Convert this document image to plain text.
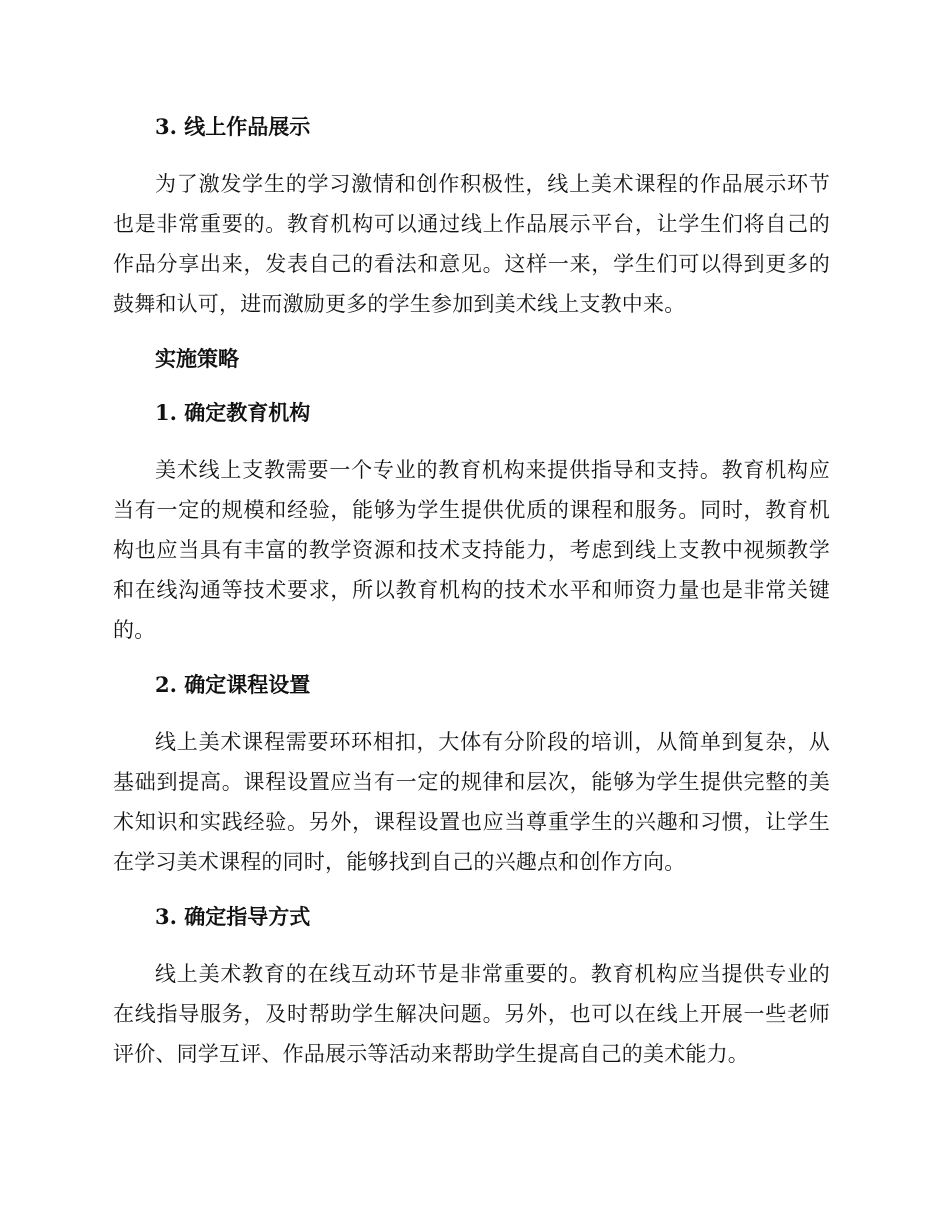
3. 线上作品展示

为了激发学生的学习激情和创作积极性，线上美术课程的作品展示环节也是非常重要的。教育机构可以通过线上作品展示平台，让学生们将自己的作品分享出来，发表自己的看法和意见。这样一来，学生们可以得到更多的鼓舞和认可，进而激励更多的学生参加到美术线上支教中来。

实施策略
1. 确定教育机构

美术线上支教需要一个专业的教育机构来提供指导和支持。教育机构应当有一定的规模和经验，能够为学生提供优质的课程和服务。同时，教育机构也应当具有丰富的教学资源和技术支持能力，考虑到线上支教中视频教学和在线沟通等技术要求，所以教育机构的技术水平和师资力量也是非常关键的。

2. 确定课程设置

线上美术课程需要环环相扣，大体有分阶段的培训，从简单到复杂，从基础到提高。课程设置应当有一定的规律和层次，能够为学生提供完整的美术知识和实践经验。另外，课程设置也应当尊重学生的兴趣和习惯，让学生在学习美术课程的同时，能够找到自己的兴趣点和创作方向。

3. 确定指导方式

线上美术教育的在线互动环节是非常重要的。教育机构应当提供专业的在线指导服务，及时帮助学生解决问题。另外，也可以在线上开展一些老师评价、同学互评、作品展示等活动来帮助学生提高自己的美术能力。
